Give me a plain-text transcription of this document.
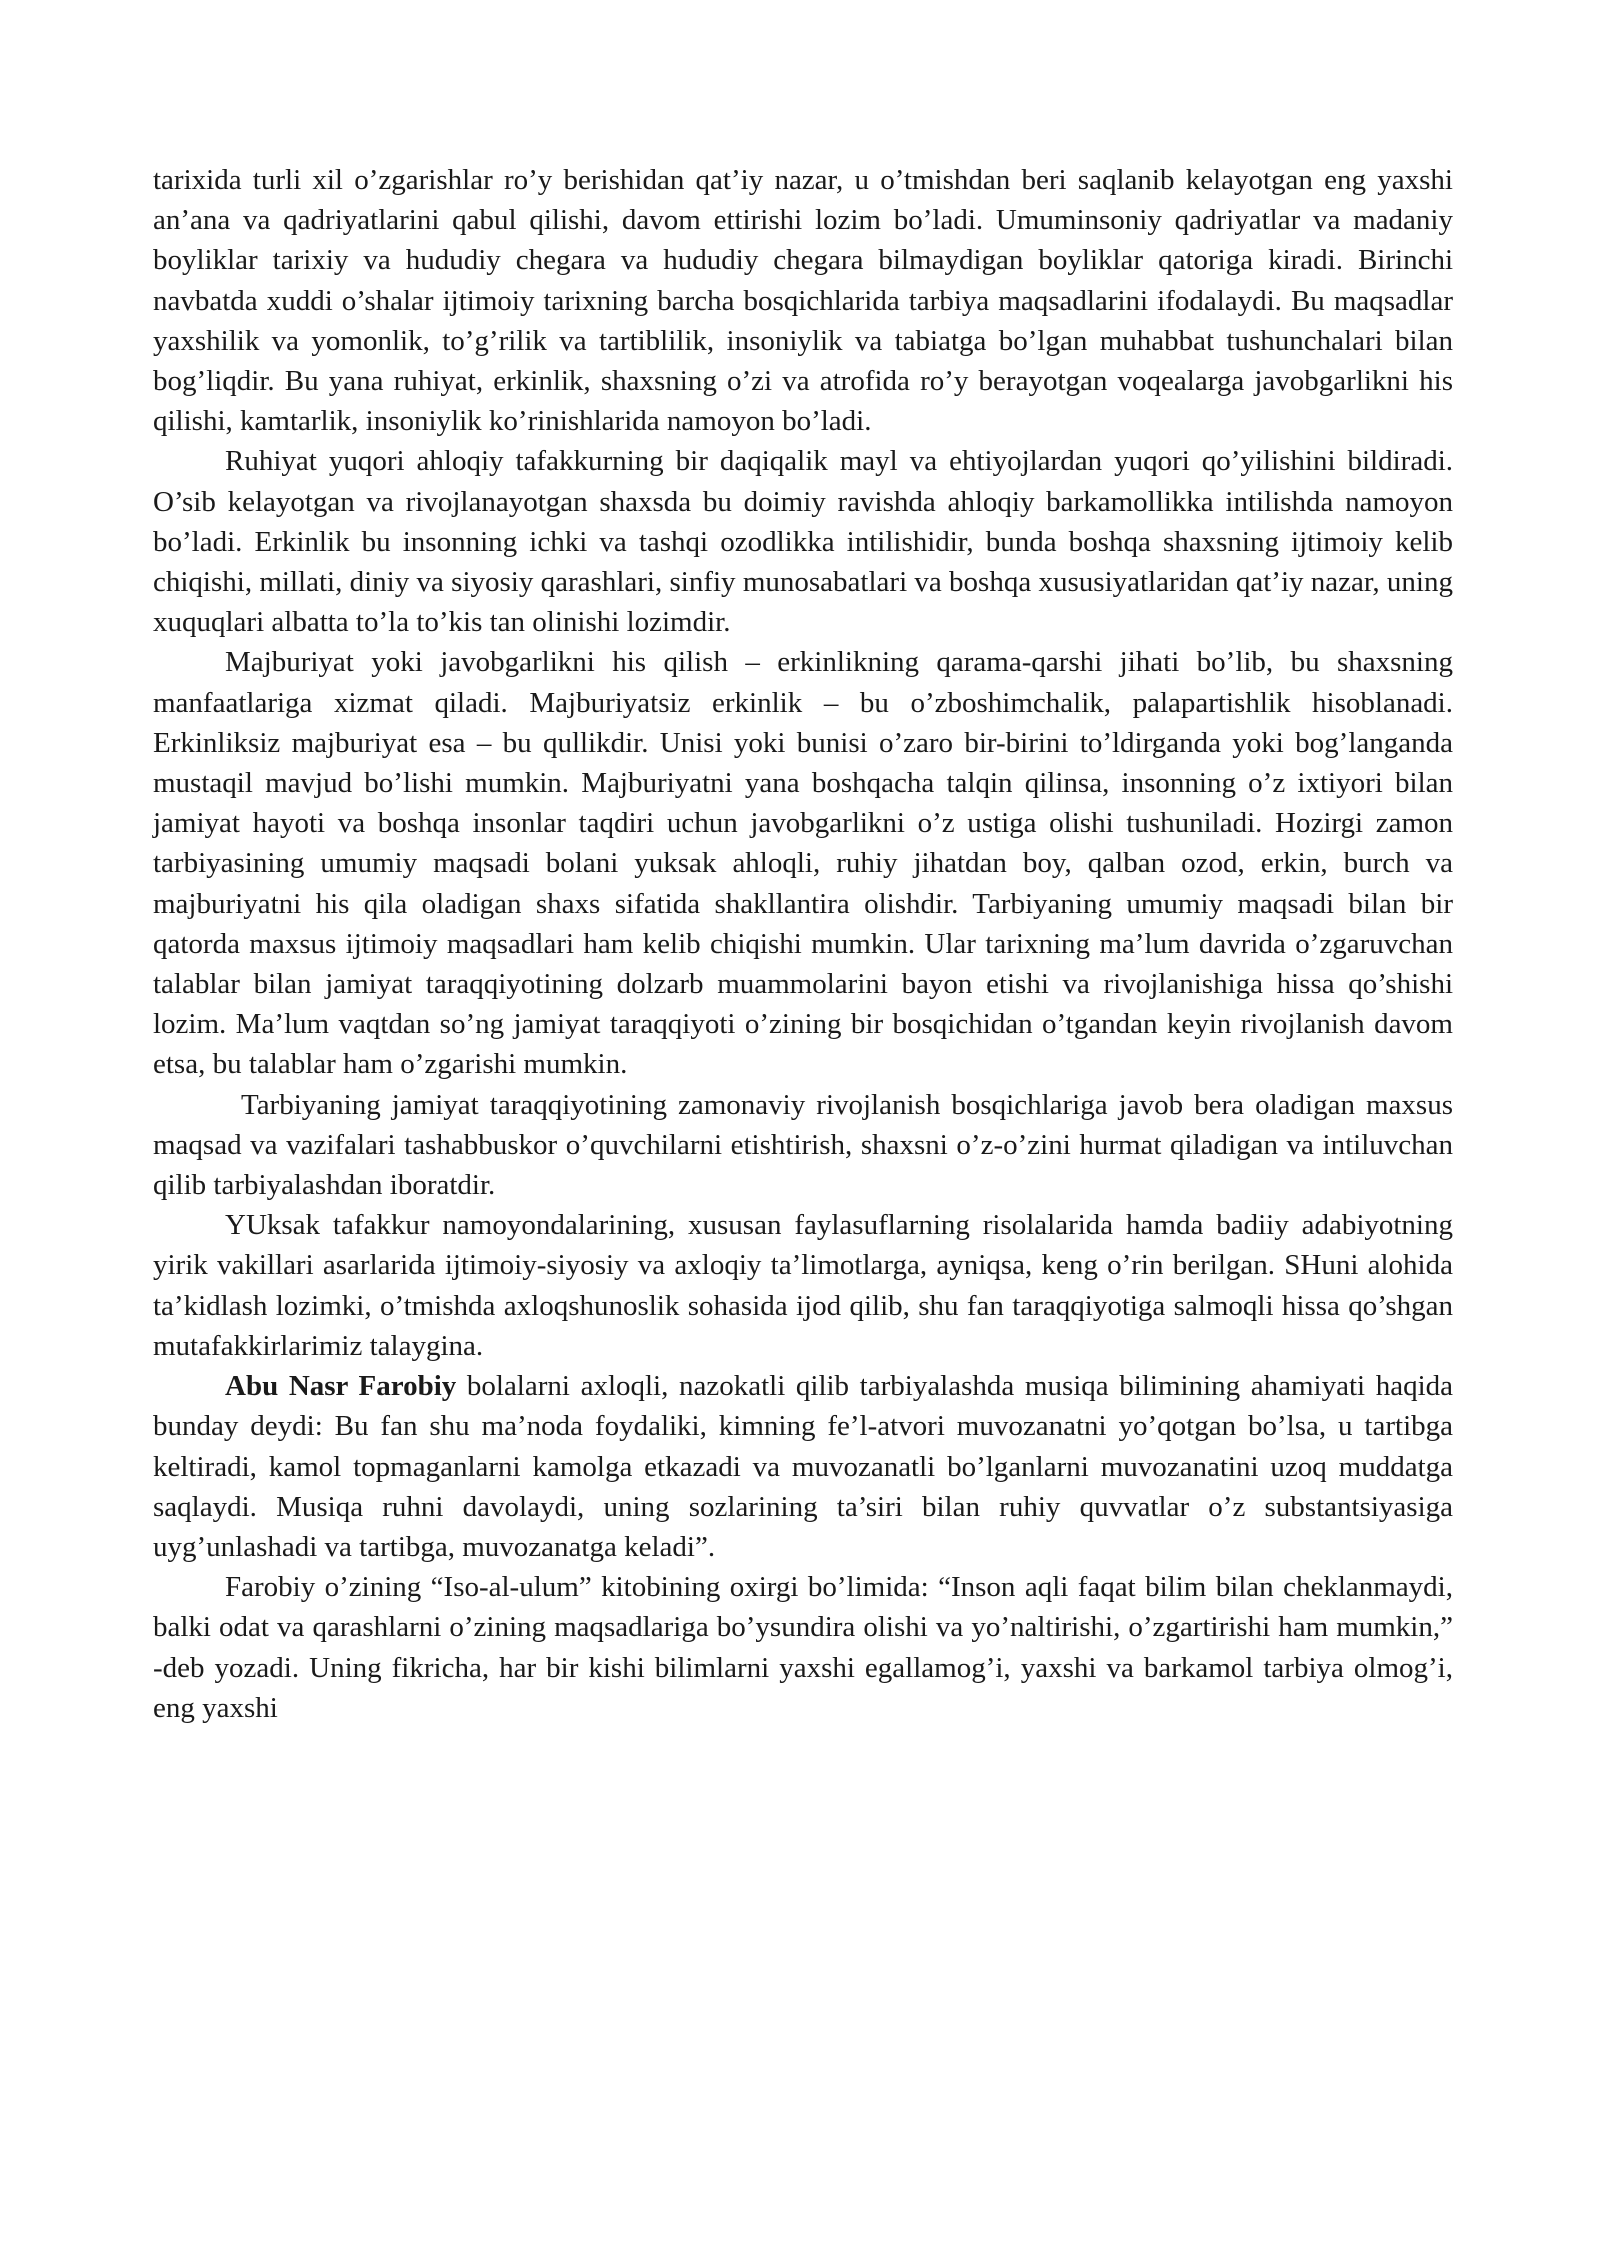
tarixida turli xil o’zgarishlar ro’y berishidan qat’iy nazar, u o’tmishdan beri saqlanib kelayotgan eng yaxshi an’ana va qadriyatlarini qabul qilishi, davom ettirishi lozim bo’ladi. Umuminsoniy qadriyatlar va madaniy boyliklar tarixiy va hududiy chegara va hududiy chegara bilmaydigan boyliklar qatoriga kiradi. Birinchi navbatda xuddi o’shalar ijtimoiy tarixning barcha bosqichlarida tarbiya maqsadlarini ifodalaydi. Bu maqsadlar yaxshilik va yomonlik, to’g’rilik va tartiblilik, insoniylik va tabiatga bo’lgan muhabbat tushunchalari bilan bog’liqdir. Bu yana ruhiyat, erkinlik, shaxsning o’zi va atrofida ro’y berayotgan voqealarga javobgarlikni his qilishi, kamtarlik, insoniylik ko’rinishlarida namoyon bo’ladi.

Ruhiyat yuqori ahloqiy tafakkurning bir daqiqalik mayl va ehtiyojlardan yuqori qo’yilishini bildiradi. O’sib kelayotgan va rivojlanayotgan shaxsda bu doimiy ravishda ahloqiy barkamollikka intilishda namoyon bo’ladi. Erkinlik bu insonning ichki va tashqi ozodlikka intilishidir, bunda boshqa shaxsning ijtimoiy kelib chiqishi, millati, diniy va siyosiy qarashlari, sinfiy munosabatlari va boshqa xususiyatlaridan qat’iy nazar, uning xuquqlari albatta to’la to’kis tan olinishi lozimdir.

Majburiyat yoki javobgarlikni his qilish – erkinlikning qarama-qarshi jihati bo’lib, bu shaxsning manfaatlariga xizmat qiladi. Majburiyatsiz erkinlik – bu o’zboshimchalik, palapartishlik hisoblanadi. Erkinliksiz majburiyat esa – bu qullikdir. Unisi yoki bunisi o’zaro bir-birini to’ldirganda yoki bog’langanda mustaqil mavjud bo’lishi mumkin. Majburiyatni yana boshqacha talqin qilinsa, insonning o’z ixtiyori bilan jamiyat hayoti va boshqa insonlar taqdiri uchun javobgarlikni o’z ustiga olishi tushuniladi. Hozirgi zamon tarbiyasining umumiy maqsadi bolani yuksak ahloqli, ruhiy jihatdan boy, qalban ozod, erkin, burch va majburiyatni his qila oladigan shaxs sifatida shakllantira olishdir. Tarbiyaning umumiy maqsadi bilan bir qatorda maxsus ijtimoiy maqsadlari ham kelib chiqishi mumkin. Ular tarixning ma’lum davrida o’zgaruvchan talablar bilan jamiyat taraqqiyotining dolzarb muammolarini bayon etishi va rivojlanishiga hissa qo’shishi lozim. Ma’lum vaqtdan so’ng jamiyat taraqqiyoti o’zining bir bosqichidan o’tgandan keyin rivojlanish davom etsa, bu talablar ham o’zgarishi mumkin.

Tarbiyaning jamiyat taraqqiyotining zamonaviy rivojlanish bosqichlariga javob bera oladigan maxsus maqsad va vazifalari tashabbuskor o’quvchilarni etishtirish, shaxsni o’z-o’zini hurmat qiladigan va intiluvchan qilib tarbiyalashdan iboratdir.

YUksak tafakkur namoyondalarining, xususan faylasuflarning risolalarida hamda badiiy adabiyotning yirik vakillari asarlarida ijtimoiy-siyosiy va axloqiy ta’limotlarga, ayniqsa, keng o’rin berilgan. SHuni alohida ta’kidlash lozimki, o’tmishda axloqshunoslik sohasida ijod qilib, shu fan taraqqiyotiga salmoqli hissa qo’shgan mutafakkirlarimiz talaygina.

Abu Nasr Farobiy bolalarni axloqli, nazokatli qilib tarbiyalashda musiqa bilimining ahamiyati haqida bunday deydi: Bu fan shu ma’noda foydaliki, kimning fe’l-atvori muvozanatni yo’qotgan bo’lsa, u tartibga keltiradi, kamol topmaganlarni kamolga etkazadi va muvozanatli bo’lganlarni muvozanatini uzoq muddatga saqlaydi. Musiqa ruhni davolaydi, uning sozlarining ta’siri bilan ruhiy quvvatlar o’z substantsiyasiga uyg’unlashadi va tartibga, muvozanatga keladi”.

Farobiy o’zining “Iso-al-ulum” kitobining oxirgi bo’limida: “Inson aqli faqat bilim bilan cheklanmaydi, balki odat va qarashlarni o’zining maqsadlariga bo’ysundira olishi va yo’naltirishi, o’zgartirishi ham mumkin,” -deb yozadi. Uning fikricha, har bir kishi bilimlarni yaxshi egallamog’i, yaxshi va barkamol tarbiya olmog’i, eng yaxshi
